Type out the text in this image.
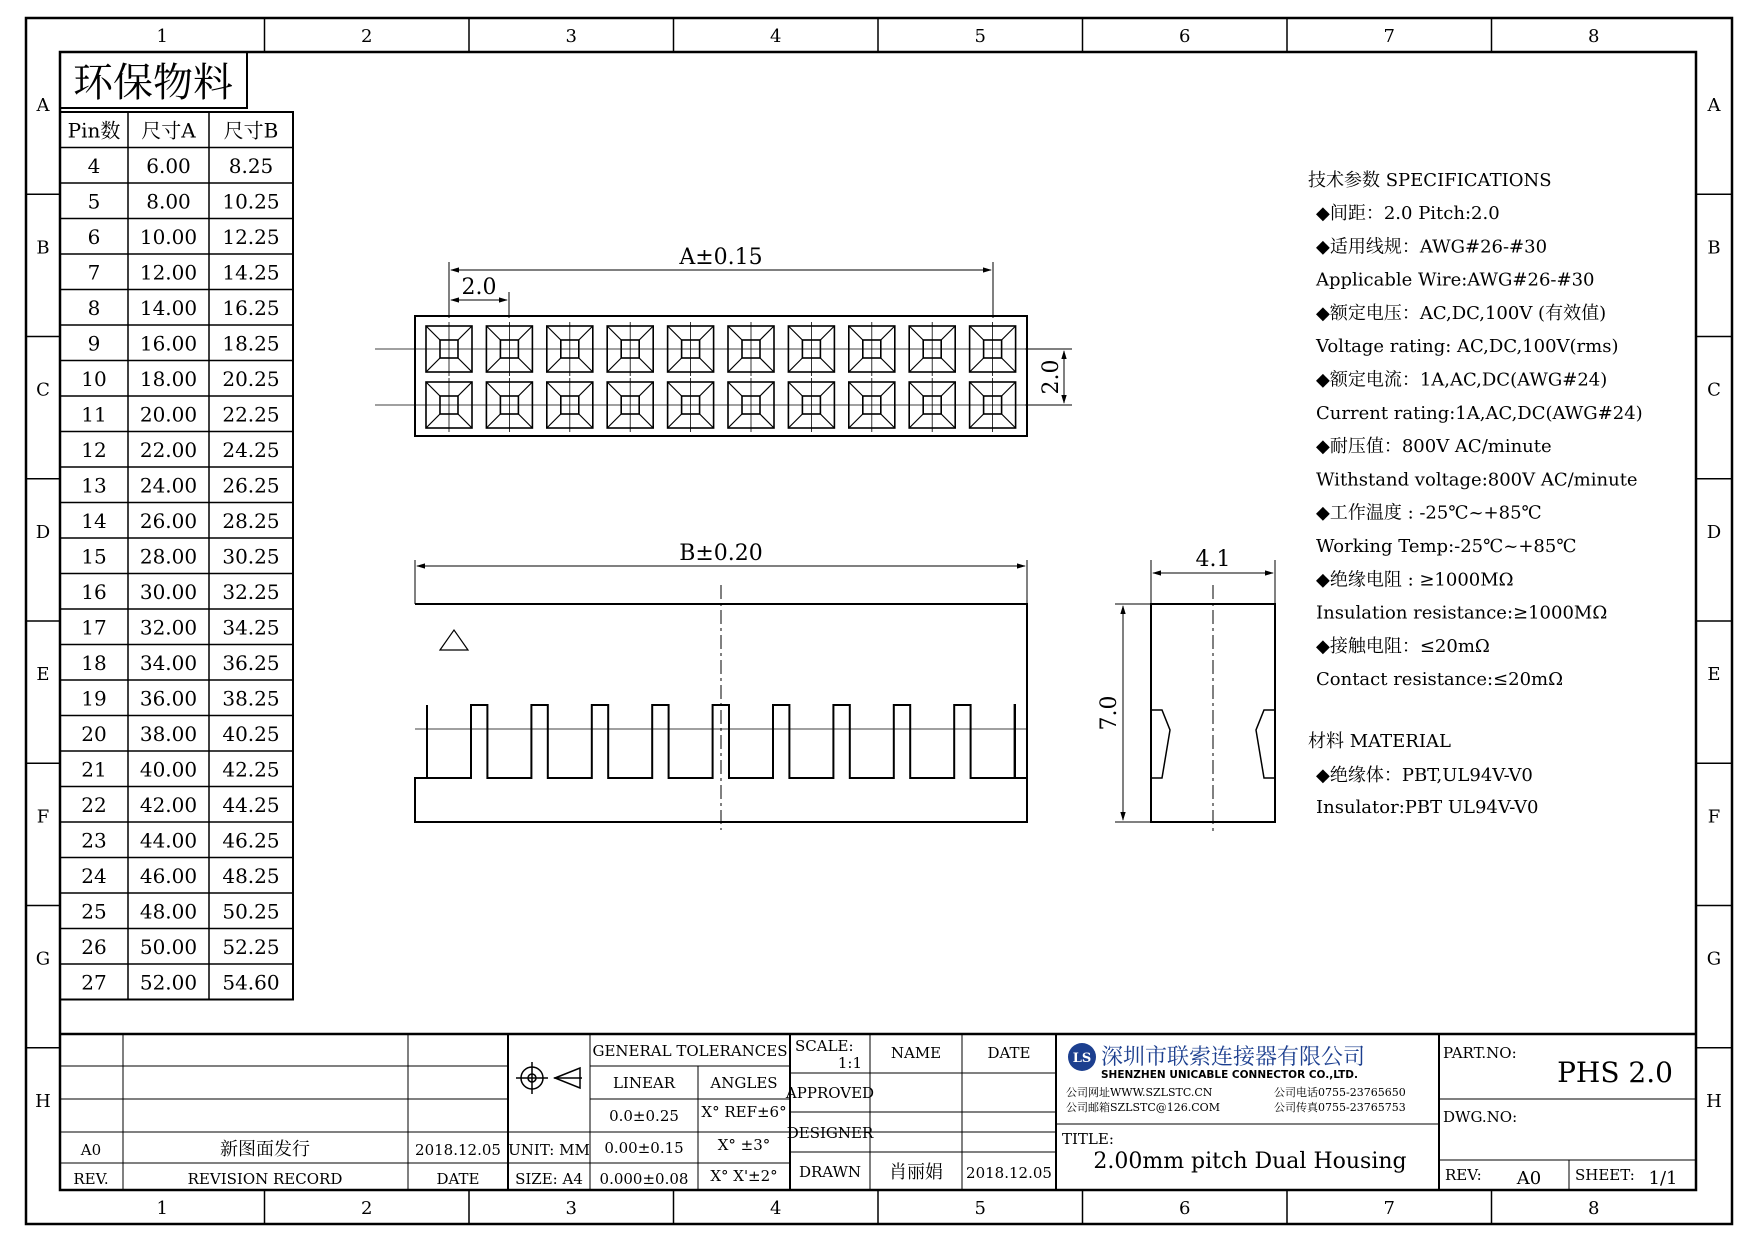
1
1
2
2
3
3
4
4
5
5
6
6
7
7
8
8
A	A
B	B
C	C
D	D
E	E
F	F
G	G
H	H
环保物料
Pin数 尺寸A 尺寸B
4 6.00 8.25
5 8.00 10.25
6 10.00 12.25
7 12.00 14.25
8 14.00 16.25
9 16.00 18.25
10 18.00 20.25
11 20.00 22.25
12 22.00 24.25
13 24.00 26.25
14 26.00 28.25
15 28.00 30.25
16 30.00 32.25
17 32.00 34.25
18 34.00 36.25
19 36.00 38.25
20 38.00 40.25
21 40.00 42.25
22 42.00 44.25
23 44.00 46.25
24 46.00 48.25
25 48.00 50.25
26 50.00 52.25
27 52.00 54.60
A±0.15
2.0
2.0
B±0.20	4.1
7.0
技术参数 SPECIFICATIONS
◆间距：2.0 Pitch:2.0
◆适用线规：AWG#26-#30
Applicable Wire:AWG#26-#30
◆额定电压：AC,DC,100V (有效值)
Voltage rating: AC,DC,100V(rms)
◆额定电流：1A,AC,DC(AWG#24)
Current rating:1A,AC,DC(AWG#24)
◆耐压值：800V AC/minute
Withstand voltage:800V AC/minute
◆工作温度 : -25℃~+85℃
Working Temp:-25℃~+85℃
◆绝缘电阻 : ≥1000MΩ
Insulation resistance:≥1000MΩ
◆接触电阻：≤20mΩ
Contact resistance:≤20mΩ
材料 MATERIAL
◆绝缘体：PBT,UL94V-V0
Insulator:PBT UL94V-V0
A0	新图面发行	2018.12.05
REV.	REVISION RECORD	DATE
UNIT: MM
SIZE: A4
GENERAL TOLERANCES
LINEAR ANGLES
0.0±0.25
0.00±0.15
0.000±0.08
X° REF±6°
X° ±3°
X° X'±2°
SCALE:
1:1
NAME	DATE
APPROVED
DESIGNER
DRAWN 肖丽娟 2018.12.05
LS 深圳市联索连接器有限公司
SHENZHEN UNICABLE CONNECTOR CO.,LTD.
公司网址WWW.SZLSTC.CN	公司电话0755-23765650
公司邮箱SZLSTC@126.COM	公司传真0755-23765753
TITLE:
2.00mm pitch Dual Housing
PART.NO:
PHS 2.0
DWG.NO:
REV: A0 SHEET: 1/1
